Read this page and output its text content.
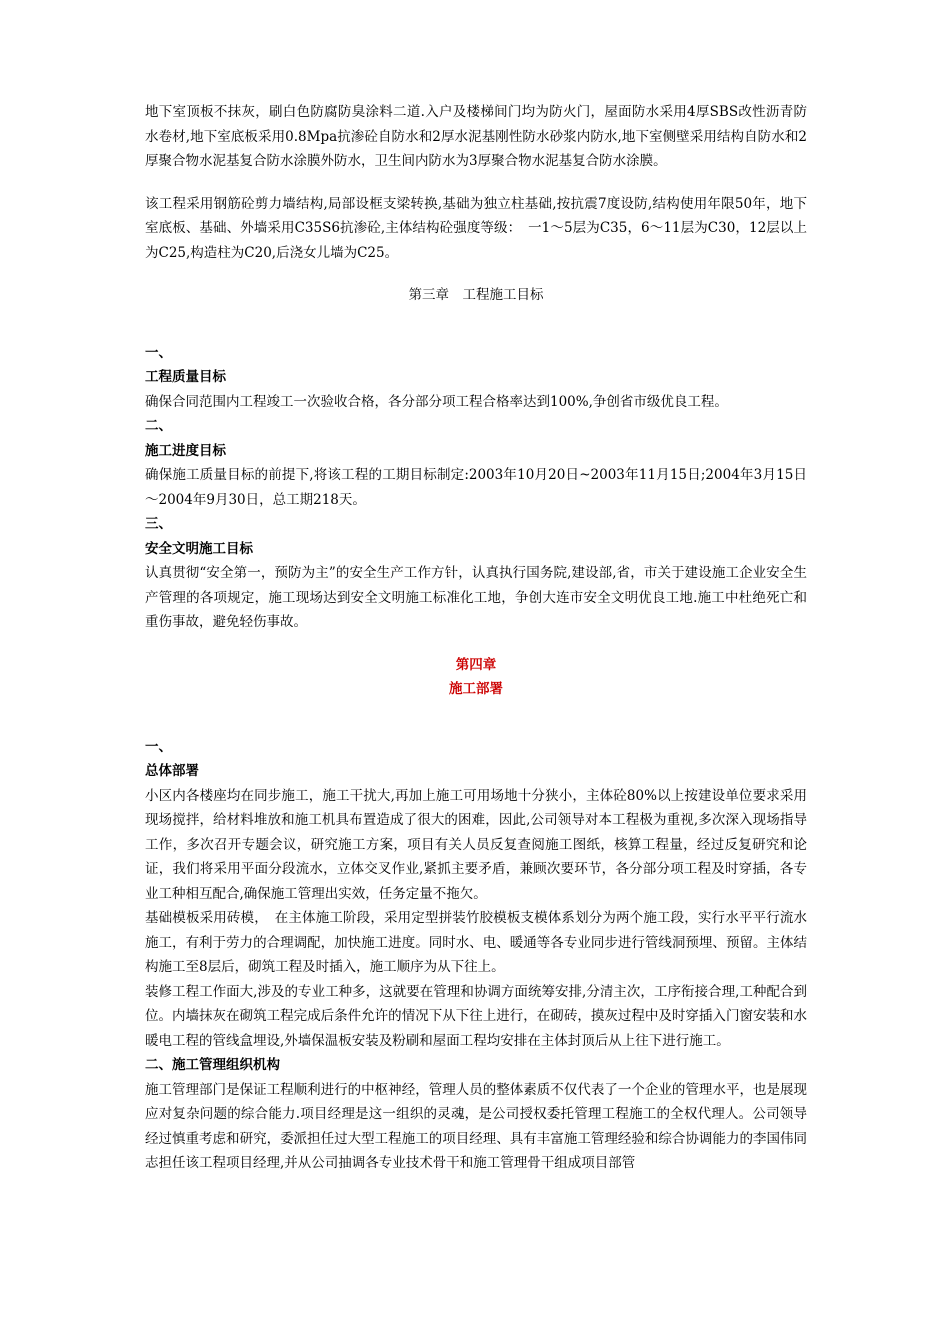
地下室顶板不抹灰，刷白色防腐防臭涂料二道.入户及楼梯间门均为防火门，屋面防水采用4厚SBS改性沥青防水卷材,地下室底板采用0.8Mpa抗渗砼自防水和2厚水泥基刚性防水砂浆内防水,地下室侧壁采用结构自防水和2厚聚合物水泥基复合防水涂膜外防水，卫生间内防水为3厚聚合物水泥基复合防水涂膜。

该工程采用钢筋砼剪力墙结构,局部设框支梁转换,基础为独立柱基础,按抗震7度设防,结构使用年限50年，地下室底板、基础、外墙采用C35S6抗渗砼,主体结构砼强度等级：　一1～5层为C35，6～11层为C30，12层以上为C25,构造柱为C20,后浇女儿墙为C25。

第三章　工程施工目标

一、

工程质量目标

确保合同范围内工程竣工一次验收合格，各分部分项工程合格率达到100%,争创省市级优良工程。

二、

施工进度目标

确保施工质量目标的前提下,将该工程的工期目标制定:2003年10月20日~2003年11月15日;2004年3月15日～2004年9月30日，总工期218天。

三、

安全文明施工目标

认真贯彻“安全第一，预防为主”的安全生产工作方针，认真执行国务院,建设部,省，市关于建设施工企业安全生产管理的各项规定，施工现场达到安全文明施工标准化工地，争创大连市安全文明优良工地.施工中杜绝死亡和重伤事故，避免轻伤事故。

第四章

施工部署

一、

总体部署

小区内各楼座均在同步施工，施工干扰大,再加上施工可用场地十分狭小，主体砼80%以上按建设单位要求采用现场搅拌，给材料堆放和施工机具布置造成了很大的困难，因此,公司领导对本工程极为重视,多次深入现场指导工作，多次召开专题会议，研究施工方案，项目有关人员反复查阅施工图纸，核算工程量，经过反复研究和论证，我们将采用平面分段流水，立体交叉作业,紧抓主要矛盾，兼顾次要环节，各分部分项工程及时穿插，各专业工种相互配合,确保施工管理出实效，任务定量不拖欠。

基础模板采用砖模，　在主体施工阶段，采用定型拼装竹胶模板支模体系划分为两个施工段，实行水平平行流水施工，有利于劳力的合理调配，加快施工进度。同时水、电、暖通等各专业同步进行管线洞预埋、预留。主体结构施工至8层后，砌筑工程及时插入，施工顺序为从下往上。

装修工程工作面大,涉及的专业工种多，这就要在管理和协调方面统筹安排,分清主次，工序衔接合理,工种配合到位。内墙抹灰在砌筑工程完成后条件允许的情况下从下往上进行，在砌砖，摸灰过程中及时穿插入门窗安装和水暖电工程的管线盒埋设,外墙保温板安装及粉刷和屋面工程均安排在主体封顶后从上往下进行施工。

二、施工管理组织机构

施工管理部门是保证工程顺利进行的中枢神经，管理人员的整体素质不仅代表了一个企业的管理水平，也是展现应对复杂问题的综合能力.项目经理是这一组织的灵魂，是公司授权委托管理工程施工的全权代理人。公司领导经过慎重考虑和研究，委派担任过大型工程施工的项目经理、具有丰富施工管理经验和综合协调能力的李国伟同志担任该工程项目经理,并从公司抽调各专业技术骨干和施工管理骨干组成项目部管
